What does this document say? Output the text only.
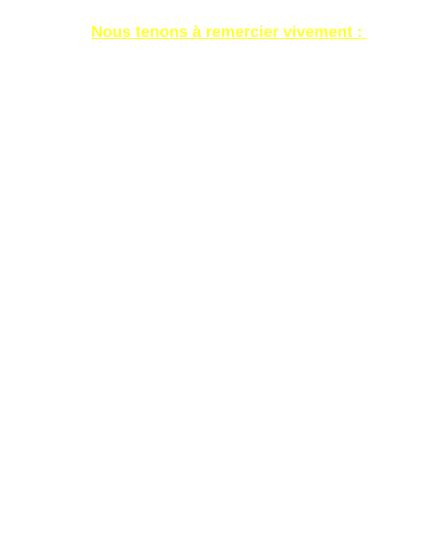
Nous tenons à remercier vivement :
